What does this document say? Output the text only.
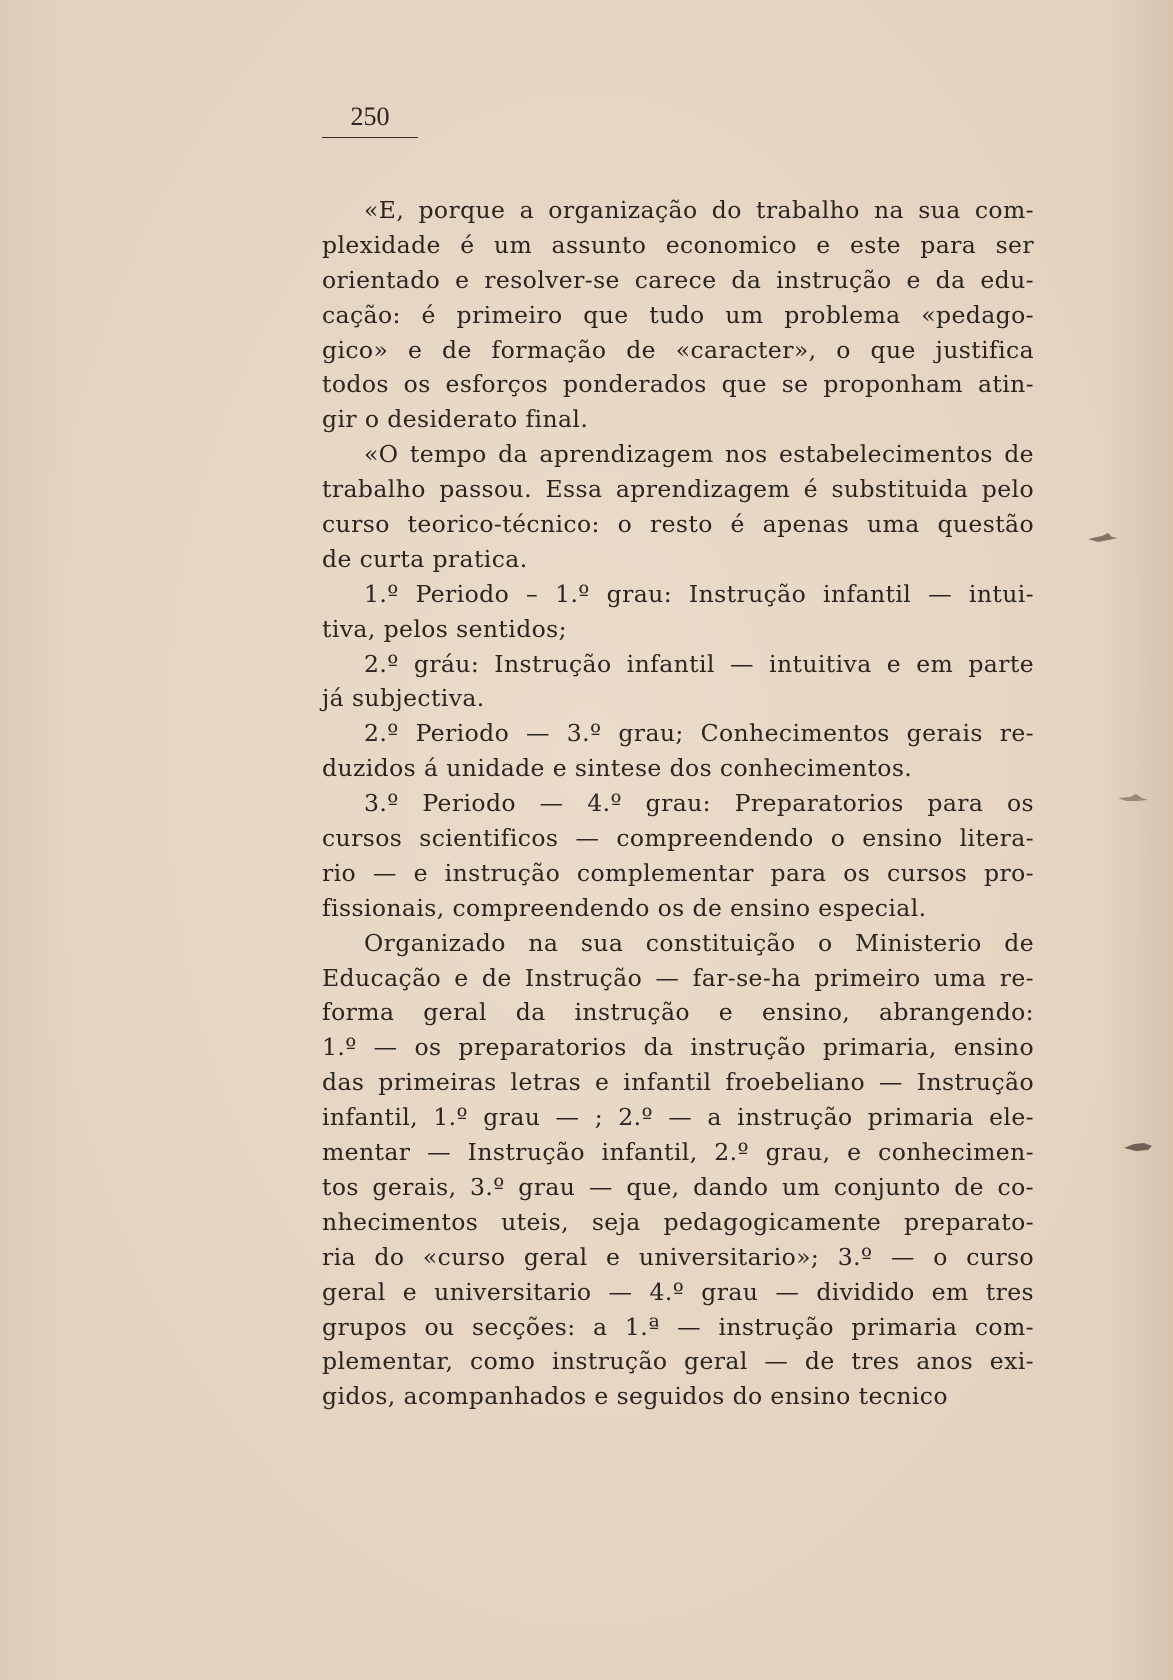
250
«E, porque a organização do trabalho na sua com-
plexidade é um assunto economico e este para ser
orientado e resolver-se carece da instrução e da edu-
cação: é primeiro que tudo um problema «pedago-
gico» e de formação de «caracter», o que justifica
todos os esforços ponderados que se proponham atin-
gir o desiderato final.
«O tempo da aprendizagem nos estabelecimentos de
trabalho passou. Essa aprendizagem é substituida pelo
curso teorico-técnico: o resto é apenas uma questão
de curta pratica.
1.º Periodo – 1.º grau: Instrução infantil — intui-
tiva, pelos sentidos;
2.º gráu: Instrução infantil — intuitiva e em parte
já subjectiva.
2.º Periodo — 3.º grau; Conhecimentos gerais re-
duzidos á unidade e sintese dos conhecimentos.
3.º Periodo — 4.º grau: Preparatorios para os
cursos scientificos — compreendendo o ensino litera-
rio — e instrução complementar para os cursos pro-
fissionais, compreendendo os de ensino especial.
Organizado na sua constituição o Ministerio de
Educação e de Instrução — far-se-ha primeiro uma re-
forma geral da instrução e ensino, abrangendo:
1.º — os preparatorios da instrução primaria, ensino
das primeiras letras e infantil froebeliano — Instrução
infantil, 1.º grau — ; 2.º — a instrução primaria ele-
mentar — Instrução infantil, 2.º grau, e conhecimen-
tos gerais, 3.º grau — que, dando um conjunto de co-
nhecimentos uteis, seja pedagogicamente preparato-
ria do «curso geral e universitario»; 3.º — o curso
geral e universitario — 4.º grau — dividido em tres
grupos ou secções: a 1.ª — instrução primaria com-
plementar, como instrução geral — de tres anos exi-
gidos, acompanhados e seguidos do ensino tecnico
